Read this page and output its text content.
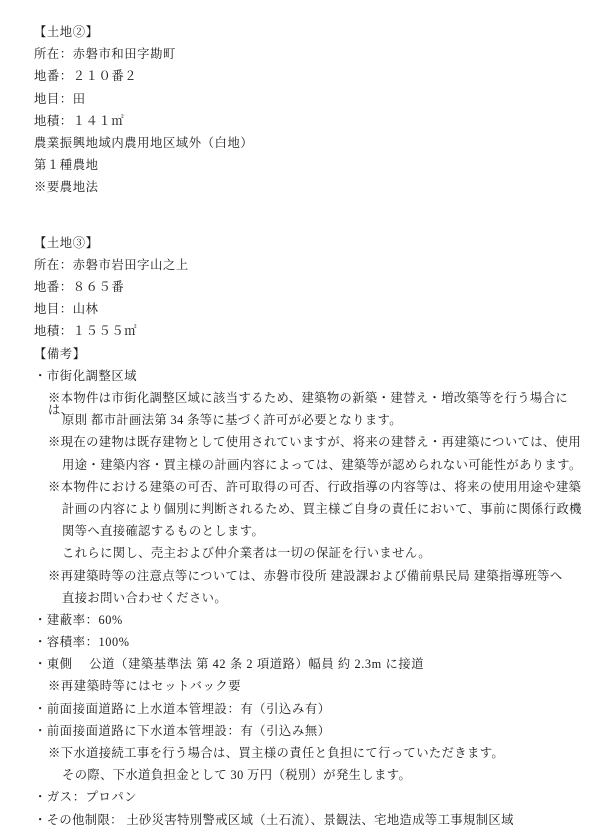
【土地②】
所在：赤磐市和田字勘町
地番：２１０番２
地目：田
地積：１４１㎡
農業振興地域内農用地区域外（白地）
第１種農地
※要農地法
【土地③】
所在：赤磐市岩田字山之上
地番：８６５番
地目：山林
地積：１５５５㎡
【備考】
・市街化調整区域
※本物件は市街化調整区域に該当するため、建築物の新築・建替え・増改築等を行う場合には、
原則 都市計画法第 34 条等に基づく許可が必要となります。
※現在の建物は既存建物として使用されていますが、将来の建替え・再建築については、使用
用途・建築内容・買主様の計画内容によっては、建築等が認められない可能性があります。
※本物件における建築の可否、許可取得の可否、行政指導の内容等は、将来の使用用途や建築
計画の内容により個別に判断されるため、買主様ご自身の責任において、事前に関係行政機
関等へ直接確認するものとします。
これらに関し、売主および仲介業者は一切の保証を行いません。
※再建築時等の注意点等については、赤磐市役所 建設課および備前県民局 建築指導班等へ
直接お問い合わせください。
・建蔽率：60%
・容積率：100%
・東側　 公道（建築基準法 第 42 条 2 項道路）幅員 約 2.3m に接道
※再建築時等にはセットバック要
・前面接面道路に上水道本管埋設：有（引込み有）
・前面接面道路に下水道本管埋設：有（引込み無）
※下水道接続工事を行う場合は、買主様の責任と負担にて行っていただきます。
その際、下水道負担金として 30 万円（税別）が発生します。
・ガス：プロパン
・その他制限： 土砂災害特別警戒区域（土石流）、景観法、宅地造成等工事規制区域
